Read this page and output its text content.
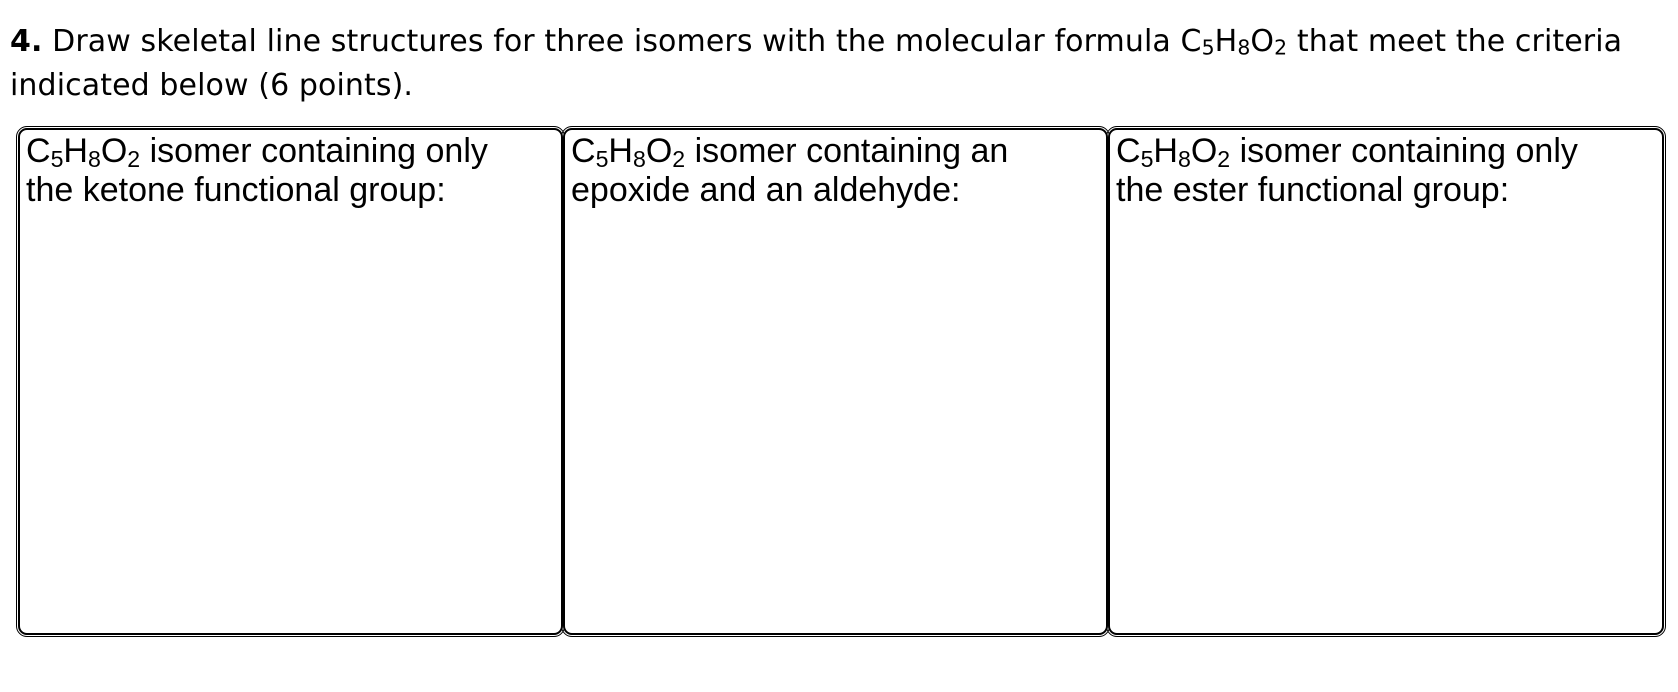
4. Draw skeletal line structures for three isomers with the molecular formula $C_5H_8O_2$ that meet the criteria indicated below (6 points).
$C_5H_8O_2$ isomer containing only
the ketone functional group:
$C_5H_8O_2$ isomer containing an
epoxide and an aldehyde:
$C_5H_8O_2$ isomer containing only
the ester functional group:
